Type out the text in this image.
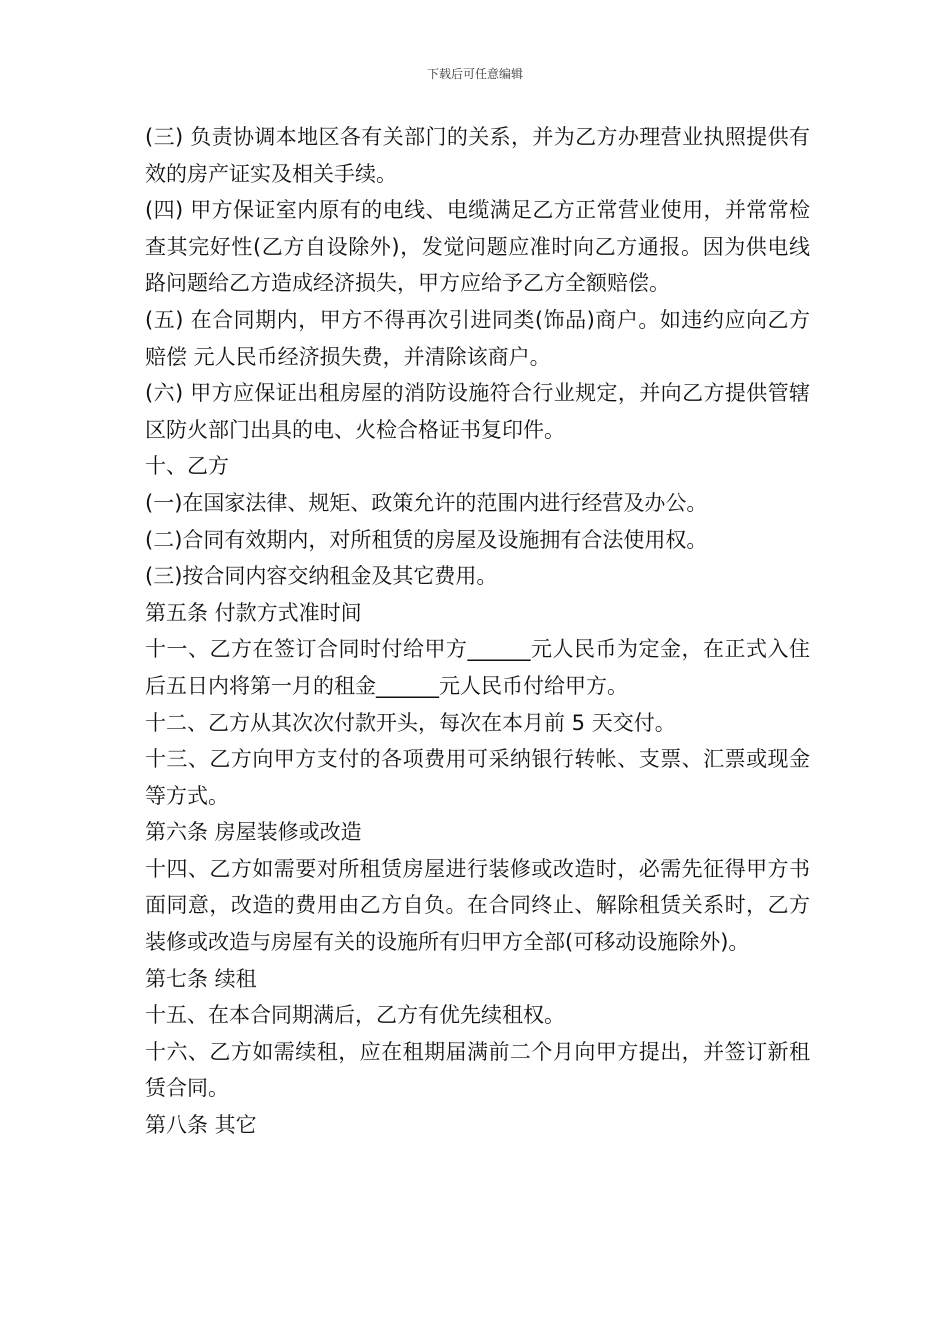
下载后可任意编辑

(三) 负责协调本地区各有关部门的关系，并为乙方办理营业执照提供有效的房产证实及相关手续。

(四) 甲方保证室内原有的电线、电缆满足乙方正常营业使用，并常常检查其完好性(乙方自设除外)，发觉问题应准时向乙方通报。因为供电线路问题给乙方造成经济损失，甲方应给予乙方全额赔偿。

(五) 在合同期内，甲方不得再次引进同类(饰品)商户。如违约应向乙方赔偿 元人民币经济损失费，并清除该商户。

(六) 甲方应保证出租房屋的消防设施符合行业规定，并向乙方提供管辖区防火部门出具的电、火检合格证书复印件。

十、乙方

(一)在国家法律、规矩、政策允许的范围内进行经营及办公。

(二)合同有效期内，对所租赁的房屋及设施拥有合法使用权。

(三)按合同内容交纳租金及其它费用。

第五条 付款方式准时间

十一、乙方在签订合同时付给甲方______元人民币为定金，在正式入住后五日内将第一月的租金______元人民币付给甲方。

十二、乙方从其次次付款开头，每次在本月前 5 天交付。

十三、乙方向甲方支付的各项费用可采纳银行转帐、支票、汇票或现金等方式。

第六条 房屋装修或改造

十四、乙方如需要对所租赁房屋进行装修或改造时，必需先征得甲方书面同意，改造的费用由乙方自负。在合同终止、解除租赁关系时，乙方装修或改造与房屋有关的设施所有归甲方全部(可移动设施除外)。

第七条 续租

十五、在本合同期满后，乙方有优先续租权。

十六、乙方如需续租，应在租期届满前二个月向甲方提出，并签订新租赁合同。

第八条 其它
